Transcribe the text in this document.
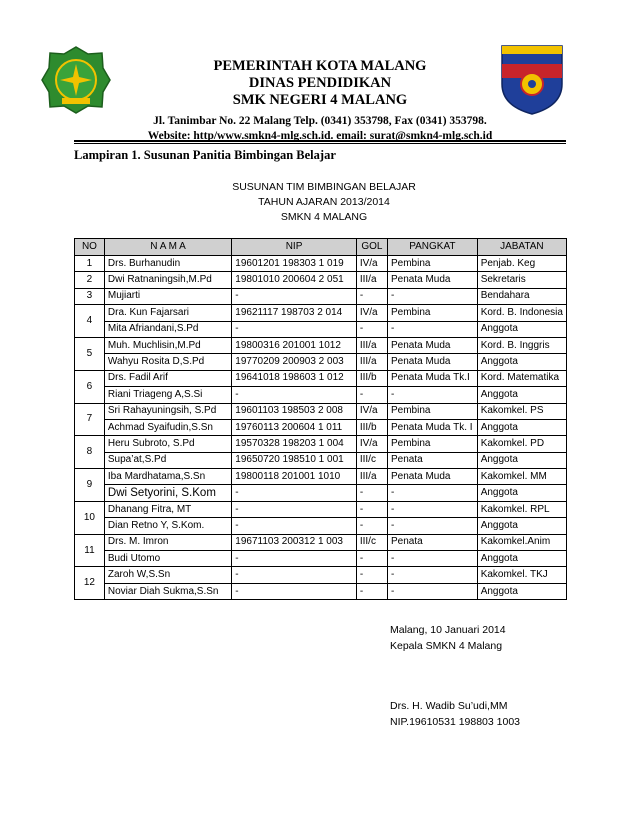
PEMERINTAH KOTA MALANG
DINAS PENDIDIKAN
SMK NEGERI 4 MALANG
Jl. Tanimbar No. 22 Malang Telp. (0341) 353798, Fax (0341) 353798.
Website: http/www.smkn4-mlg.sch.id. email: surat@smkn4-mlg.sch.id
Lampiran 1. Susunan Panitia Bimbingan Belajar
SUSUNAN TIM BIMBINGAN BELAJAR
TAHUN AJARAN 2013/2014
SMKN 4 MALANG
NO	N A M A	NIP	GOL	PANGKAT	JABATAN
1	Drs. Burhanudin	19601201 198303 1 019	IV/a	Pembina	Penjab. Keg
2	Dwi Ratnaningsih,M.Pd	19801010 200604 2 051	III/a	Penata Muda	Sekretaris
3	Mujiarti	-	-	-	Bendahara
4	Dra. Kun Fajarsari	19621117 198703 2 014	IV/a	Pembina	Kord. B. Indonesia
	Mita Afriandani,S.Pd	-	-	-	Anggota
5	Muh. Muchlisin,M.Pd	19800316 201001 1012	III/a	Penata Muda	Kord. B. Inggris
	Wahyu Rosita D,S.Pd	19770209 200903 2 003	III/a	Penata Muda	Anggota
6	Drs. Fadil Arif	19641018 198603 1 012	III/b	Penata Muda Tk.I	Kord. Matematika
	Riani Triageng A,S.Si	-	-	-	Anggota
7	Sri Rahayuningsih, S.Pd	19601103 198503 2 008	IV/a	Pembina	Kakomkel. PS
	Achmad Syaifudin,S.Sn	19760113 200604 1 011	III/b	Penata Muda Tk. I	Anggota
8	Heru Subroto, S.Pd	19570328 198203 1 004	IV/a	Pembina	Kakomkel. PD
	Supa’at,S.Pd	19650720 198510 1 001	III/c	Penata	Anggota
9	Iba Mardhatama,S.Sn	19800118 201001 1010	III/a	Penata Muda	Kakomkel. MM
	Dwi Setyorini, S.Kom	-	-	-	Anggota
10	Dhanang Fitra, MT	-	-	-	Kakomkel. RPL
	Dian Retno Y, S.Kom.	-	-	-	Anggota
11	Drs. M. Imron	19671103 200312 1 003	III/c	Penata	Kakomkel.Anim
	Budi Utomo	-	-	-	Anggota
12	Zaroh W,S.Sn	-	-	-	Kakomkel. TKJ
	Noviar Diah Sukma,S.Sn	-	-	-	Anggota
Malang, 10 Januari 2014
Kepala SMKN 4 Malang
Drs. H. Wadib Su’udi,MM
NIP.19610531 198803 1003
